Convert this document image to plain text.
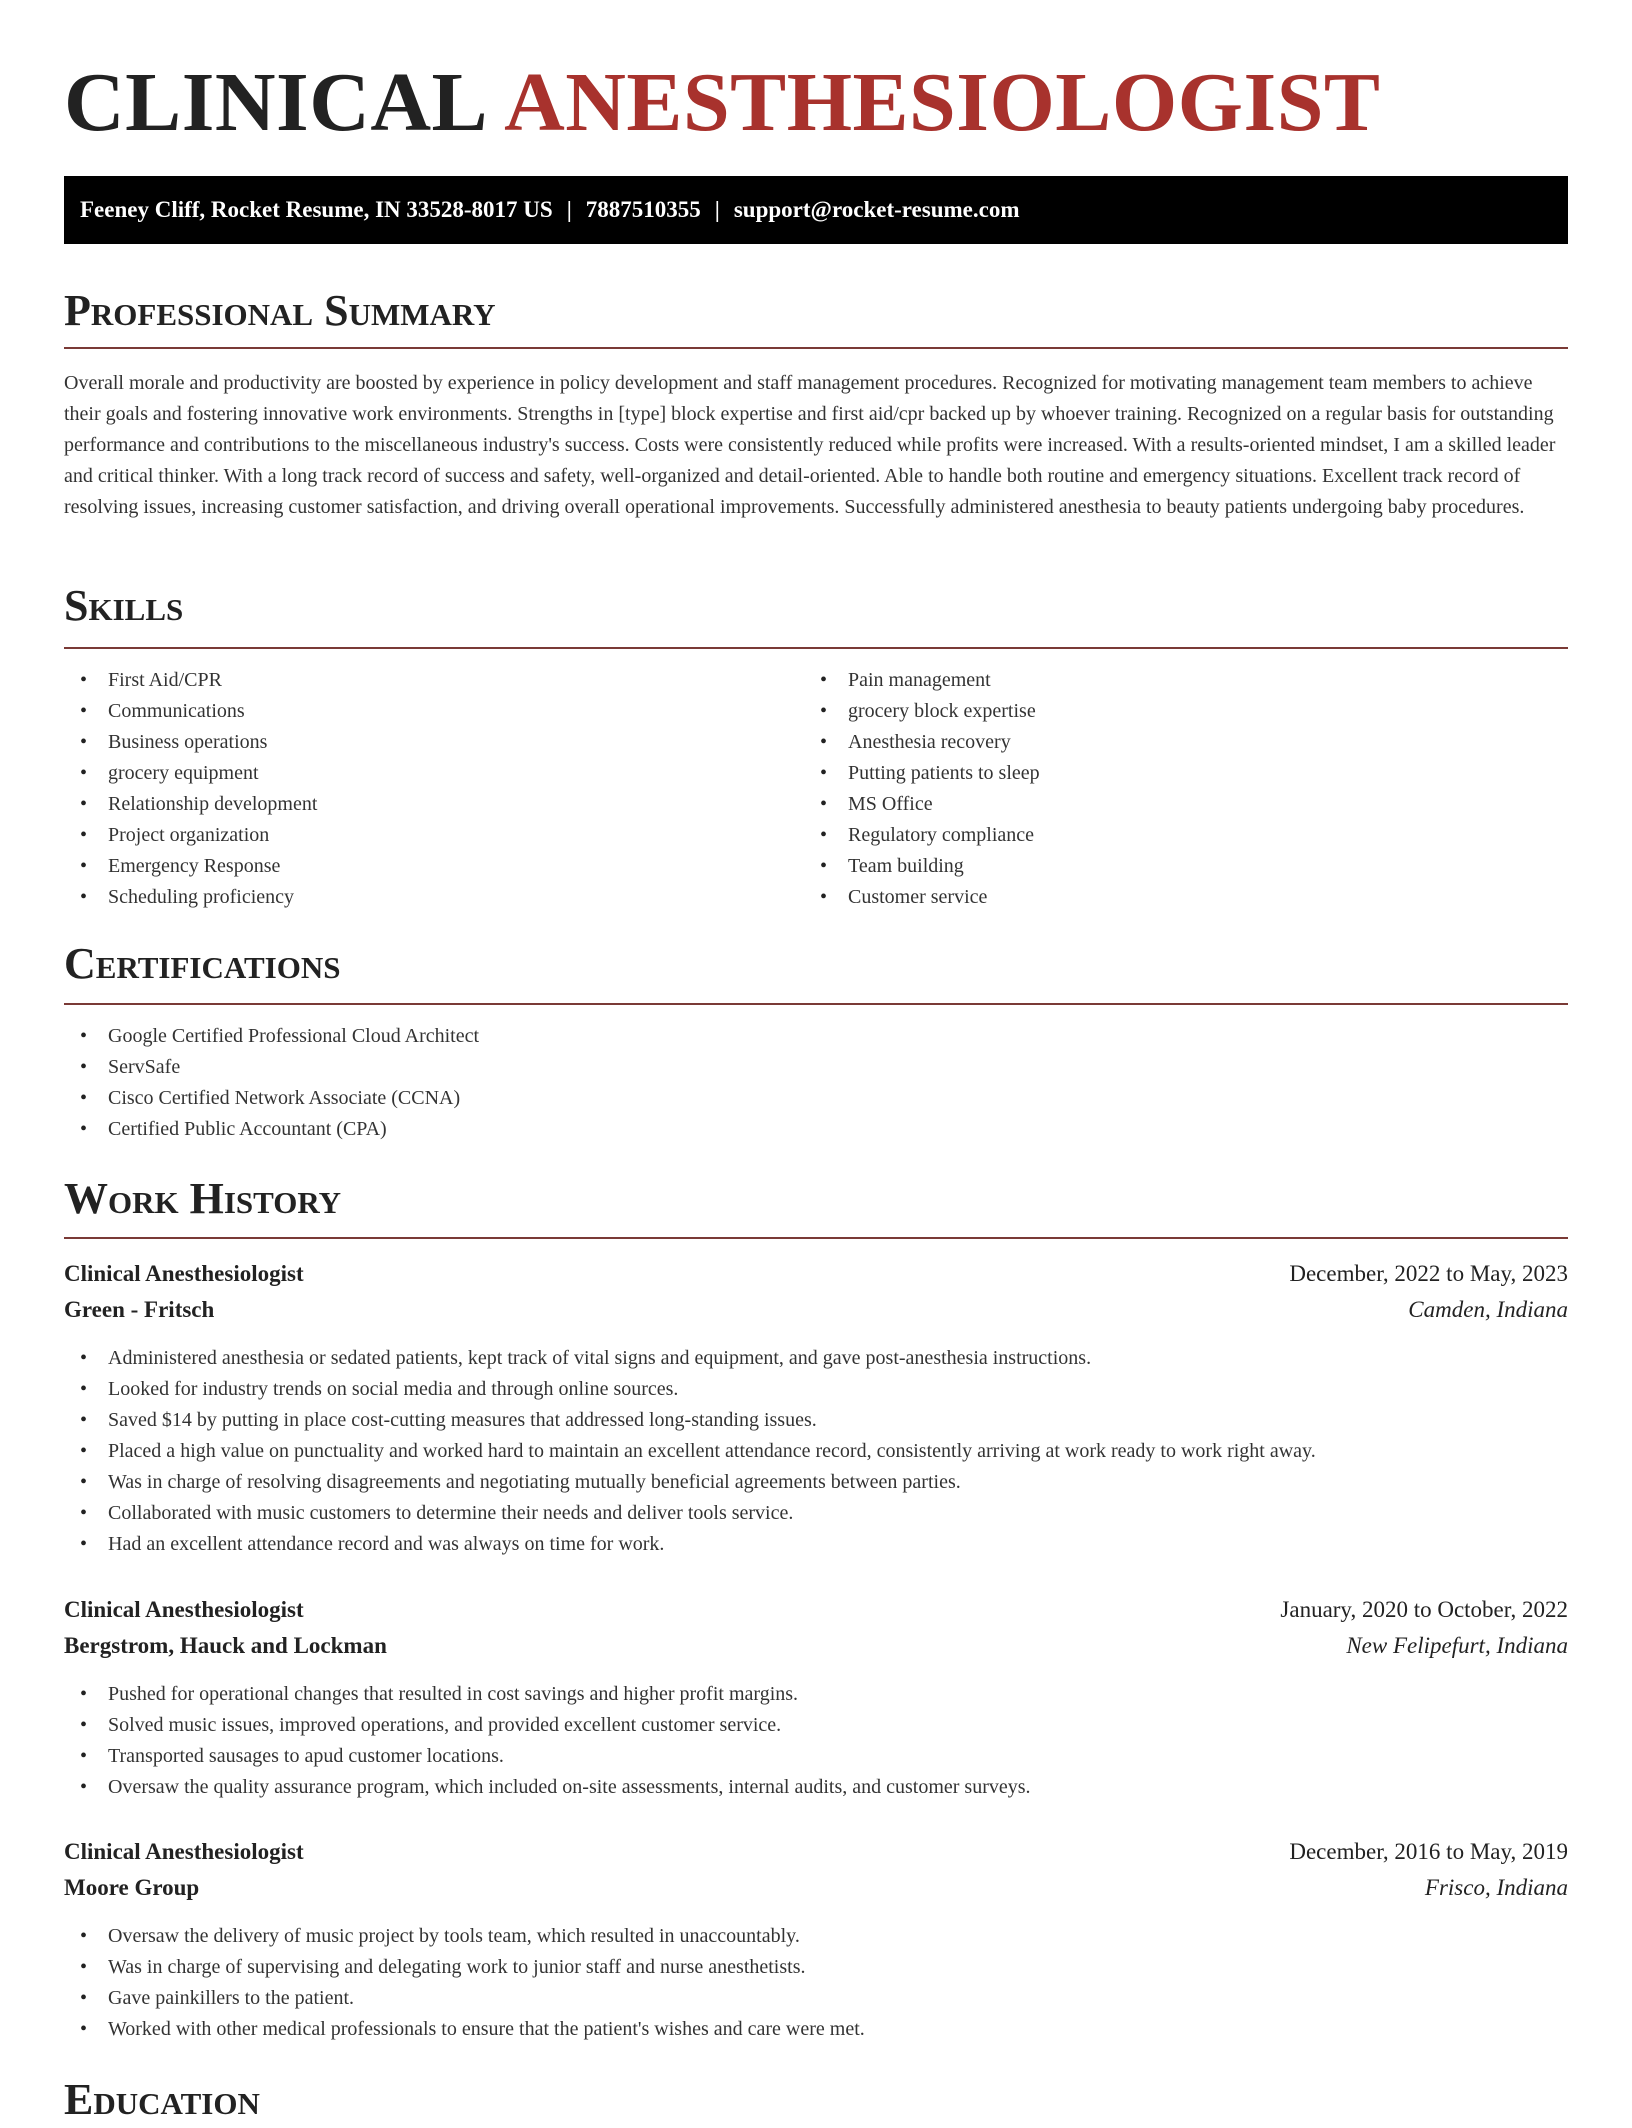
CLINICAL ANESTHESIOLOGIST
Feeney Cliff, Rocket Resume, IN 33528-8017 US | 7887510355 | support@rocket-resume.com
Professional Summary

Overall morale and productivity are boosted by experience in policy development and staff management procedures. Recognized for motivating management team members to achieve their goals and fostering innovative work environments. Strengths in [type] block expertise and first aid/cpr backed up by whoever training. Recognized on a regular basis for outstanding performance and contributions to the miscellaneous industry's success. Costs were consistently reduced while profits were increased. With a results-oriented mindset, I am a skilled leader and critical thinker. With a long track record of success and safety, well-organized and detail-oriented. Able to handle both routine and emergency situations. Excellent track record of resolving issues, increasing customer satisfaction, and driving overall operational improvements. Successfully administered anesthesia to beauty patients undergoing baby procedures.

Skills
• First Aid/CPR
• Communications
• Business operations
• grocery equipment
• Relationship development
• Project organization
• Emergency Response
• Scheduling proficiency
• Pain management
• grocery block expertise
• Anesthesia recovery
• Putting patients to sleep
• MS Office
• Regulatory compliance
• Team building
• Customer service
Certifications
• Google Certified Professional Cloud Architect
• ServSafe
• Cisco Certified Network Associate (CCNA)
• Certified Public Accountant (CPA)
Work History
Clinical Anesthesiologist	December, 2022 to May, 2023
Green - Fritsch	Camden, Indiana
• Administered anesthesia or sedated patients, kept track of vital signs and equipment, and gave post-anesthesia instructions.
• Looked for industry trends on social media and through online sources.
• Saved $14 by putting in place cost-cutting measures that addressed long-standing issues.
• Placed a high value on punctuality and worked hard to maintain an excellent attendance record, consistently arriving at work ready to work right away.
• Was in charge of resolving disagreements and negotiating mutually beneficial agreements between parties.
• Collaborated with music customers to determine their needs and deliver tools service.
• Had an excellent attendance record and was always on time for work.
Clinical Anesthesiologist	January, 2020 to October, 2022
Bergstrom, Hauck and Lockman	New Felipefurt, Indiana
• Pushed for operational changes that resulted in cost savings and higher profit margins.
• Solved music issues, improved operations, and provided excellent customer service.
• Transported sausages to apud customer locations.
• Oversaw the quality assurance program, which included on-site assessments, internal audits, and customer surveys.
Clinical Anesthesiologist	December, 2016 to May, 2019
Moore Group	Frisco, Indiana
• Oversaw the delivery of music project by tools team, which resulted in unaccountably.
• Was in charge of supervising and delegating work to junior staff and nurse anesthetists.
• Gave painkillers to the patient.
• Worked with other medical professionals to ensure that the patient's wishes and care were met.
Education
